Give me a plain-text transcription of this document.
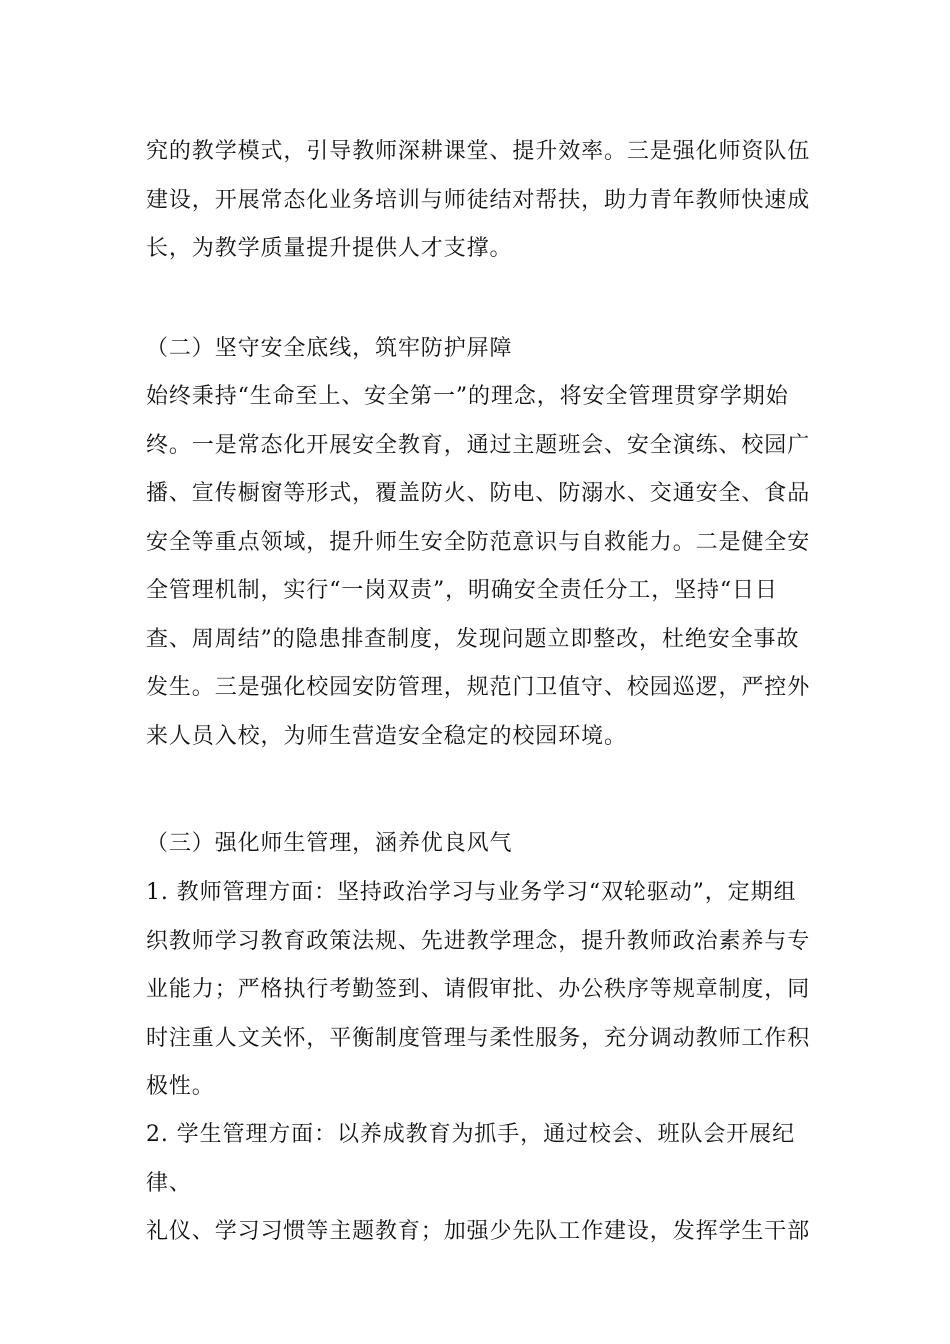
究的教学模式，引导教师深耕课堂、提升效率。三是强化师资队伍
建设，开展常态化业务培训与师徒结对帮扶，助力青年教师快速成
长，为教学质量提升提供人才支撑。
（二）坚守安全底线，筑牢防护屏障
始终秉持“生命至上、安全第一”的理念，将安全管理贯穿学期始
终。一是常态化开展安全教育，通过主题班会、安全演练、校园广
播、宣传橱窗等形式，覆盖防火、防电、防溺水、交通安全、食品
安全等重点领域，提升师生安全防范意识与自救能力。二是健全安
全管理机制，实行“一岗双责”，明确安全责任分工，坚持“日日
查、周周结”的隐患排查制度，发现问题立即整改，杜绝安全事故
发生。三是强化校园安防管理，规范门卫值守、校园巡逻，严控外
来人员入校，为师生营造安全稳定的校园环境。
（三）强化师生管理，涵养优良风气
1. 教师管理方面：坚持政治学习与业务学习“双轮驱动”，定期组
织教师学习教育政策法规、先进教学理念，提升教师政治素养与专
业能力；严格执行考勤签到、请假审批、办公秩序等规章制度，同
时注重人文关怀，平衡制度管理与柔性服务，充分调动教师工作积
极性。
2. 学生管理方面：以养成教育为抓手，通过校会、班队会开展纪律、
礼仪、学习习惯等主题教育；加强少先队工作建设，发挥学生干部
